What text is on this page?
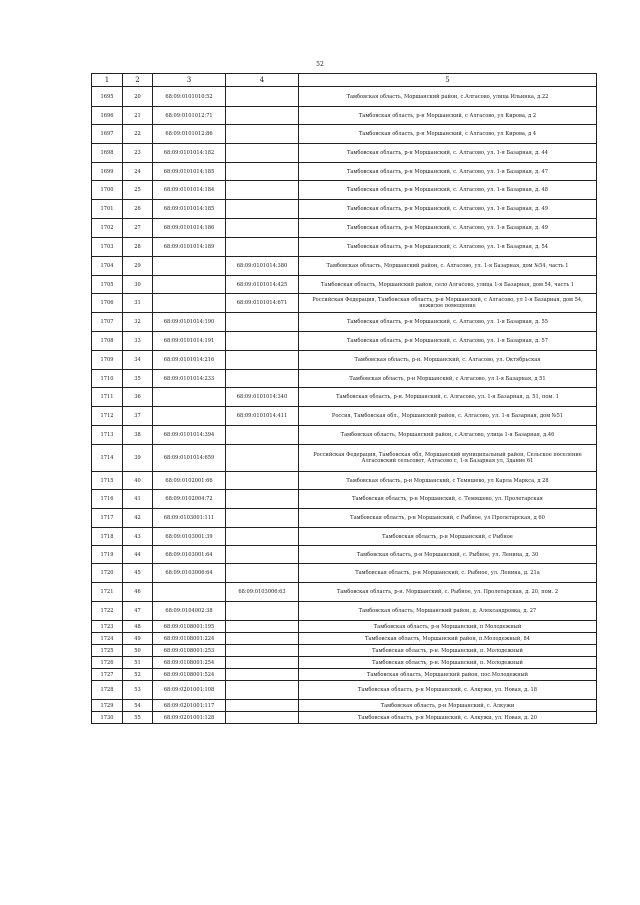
52
1	2	3	4	5
1695	20	68:09:0101010:52		Тамбовская область, Моршанский район, с.Алгасово, улица Ильинка, д.22
1696	21	68:09:0101012:71		Тамбовская область, р-н Моршанский, с Алгасово, ул Кирова, д 2
1697	22	68:09:0101012:86		Тамбовская область, р-н Моршанский, с Алгасово, ул Кирова, д 4
1698	23	68:09:0101014:182		Тамбовская область, р-н Моршанский, с. Алгасово, ул. 1-я Базарная, д. 44
1699	24	68:09:0101014:185		Тамбовская область, р-н Моршанский, с. Алгасово, ул. 1-я Базарная, д. 47
1700	25	68:09:0101014:184		Тамбовская область, р-н Моршанский, с. Алгасово, ул. 1-я Базарная, д. 48
1701	26	68:09:0101014:185		Тамбовская область, р-н Моршанский, с. Алгасово, ул. 1-я Базарная, д. 49
1702	27	68:09:0101014:186		Тамбовская область, р-н Моршанский, с. Алгасово, ул. 1-я Базарная, д. 49
1703	28	68:09:0101014:189		Тамбовская область, р-н Моршанский, с. Алгасово, ул. 1-я Базарная, д. 54
1704	29		68:09:0101014:380	Тамбовская область, Моршанский район, с. Алгасово, ул. 1-я Базарная, дом №54, часть 1
1705	30		68:09:0101014:425	Тамбовская область, Моршанский район, село Алгасово, улица 1-я Базарная, дом 54, часть 1
1706	31		68:09:0101014:671	Российская Федерация, Тамбовская область, р-н Моршанский, с Алгасово, ул 1-я Базарная, дом 54, нежилое помещение
1707	32	68:09:0101014:190		Тамбовская область, р-н Моршанский, с. Алгасово, ул. 1-я Базарная, д. 55
1708	33	68:09:0101014:191		Тамбовская область, р-н Моршанский, с. Алгасово, ул. 1-я Базарная, д. 57
1709	34	68:09:0101014:216		Тамбовская область, р-н. Моршанский, с. Алгасово, ул. Октябрьская
1710	35	68:09:0101014:233		Тамбовская область, р-н Моршанский, с Алгасово, ул 1-я Базарная, д 51
1711	36		68:09:0101014:340	Тамбовская область, р-н. Моршанский, с. Алгасово, ул. 1-я Базарная, д. 51, пом. 1
1712	37		68:09:0101014:411	Россия, Тамбовская обл., Моршанский район, с. Алгасово, ул. 1-я Базарная, дом №51
1713	38	68:09:0101014:394		Тамбовская область, Моршанский район, с.Алгасово, улица 1-я Базарная, д.46
1714	39	68:09:0101014:659		Российская Федерация, Тамбовская обл, Моршанский муниципальный район, Сельское поселение Алгасовский сельсовет, Алгасово с, 1-я Базарная ул, Здание 61
1715	40	68:09:0102001:66		Тамбовская область, р-н Моршанский, с Темяшево, ул Карла Маркса, д 28
1716	41	68:09:0102004:72		Тамбовская область, р-н Моршанский, с. Темяшево, ул. Пролетарская
1717	42	68:09:0103001:111		Тамбовская область, р-н Моршанский, с Рыбное, ул Пролетарская, д 60
1718	43	68:09:0103001:39		Тамбовская область, р-н Моршанский, с Рыбное
1719	44	68:09:0103001:64		Тамбовская область, р-н Моршанский, с. Рыбное, ул. Ленина, д. 30
1720	45	68:09:0103006:64		Тамбовская область, р-н Моршанский, с. Рыбное, ул. Ленина, д. 21а
1721	46		68:09:0103006:63	Тамбовская область, р-н. Моршанский, с. Рыбное, ул. Пролетарская, д. 20, пом. 2
1722	47	68:09:0104002:38		Тамбовская область, Моршанский район, д. Александровка, д. 27
1723	48	68:09:0108001:195		Тамбовская область, р-н Моршанский, п Молодежный
1724	49	68:09:0108001:224		Тамбовская область, Моршанский район, п.Молодежный, 84
1725	50	68:09:0108001:253		Тамбовская область, р-н. Моршанский, п. Молодежный
1726	51	68:09:0108001:254		Тамбовская область, р-н. Моршанский, п. Молодежный
1727	52	68:09:0108001:524		Тамбовская область, Моршанский район, пос.Молодежный
1728	53	68:09:0201001:108		Тамбовская область, р-н Моршанский, с. Алкужи, ул. Новая, д. 18
1729	54	68:09:0201001:117		Тамбовская область, р-н Моршанский, с. Алкужи
1730	55	68:09:0201001:128		Тамбовская область, р-н Моршанский, с. Алкужи, ул. Новая, д. 20
